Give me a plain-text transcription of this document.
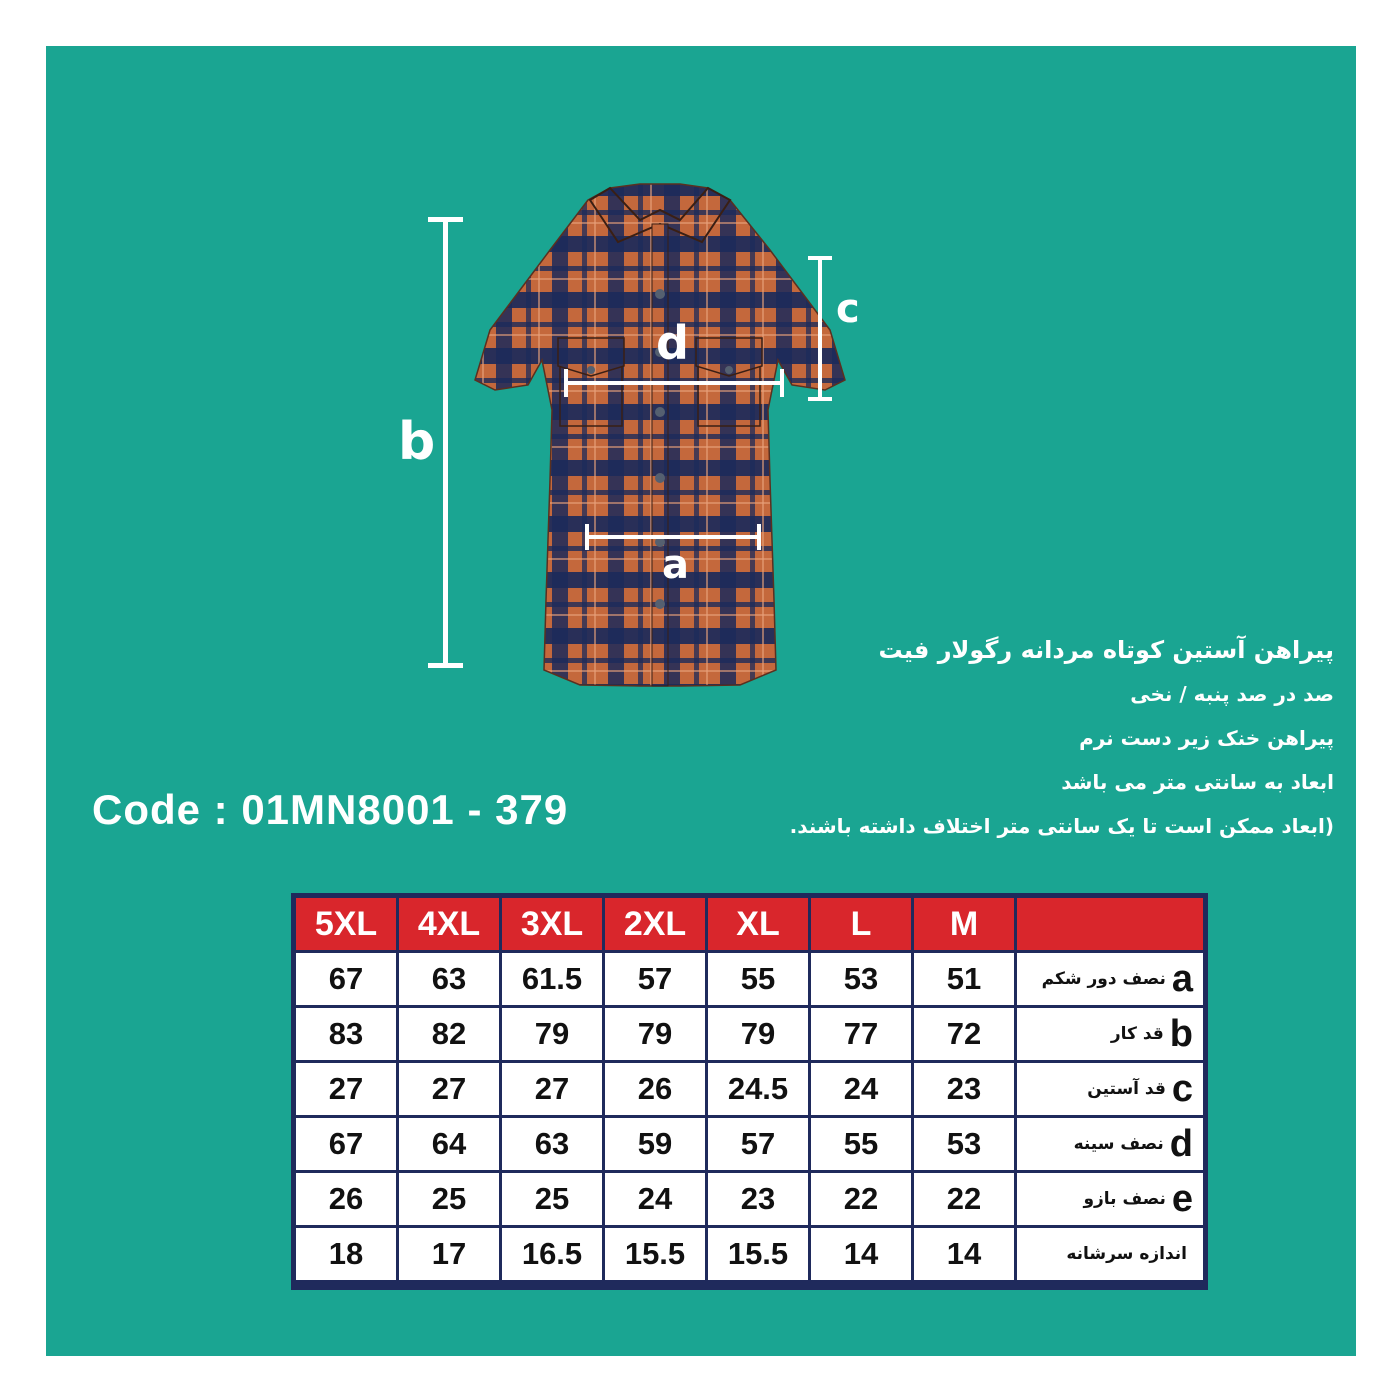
b
c
d
a
پیراهن آستین کوتاه مردانه رگولار فیت
صد در صد پنبه / نخی
پیراهن خنک زیر دست نرم
ابعاد به سانتی متر می باشد
(ابعاد ممکن است تا یک سانتی متر اختلاف داشته باشند.
Code : 01MN8001 - 379
5XL	4XL	3XL	2XL	XL	L	M	
67	63	61.5	57	55	53	51	نصف دور شکم a

83	82	79	79	79	77	72	قد کار b

27	27	27	26	24.5	24	23	قد آستین c

67	64	63	59	57	55	53	نصف سینه d

26	25	25	24	23	22	22	نصف بازو e

18	17	16.5	15.5	15.5	14	14	اندازه سرشانه
